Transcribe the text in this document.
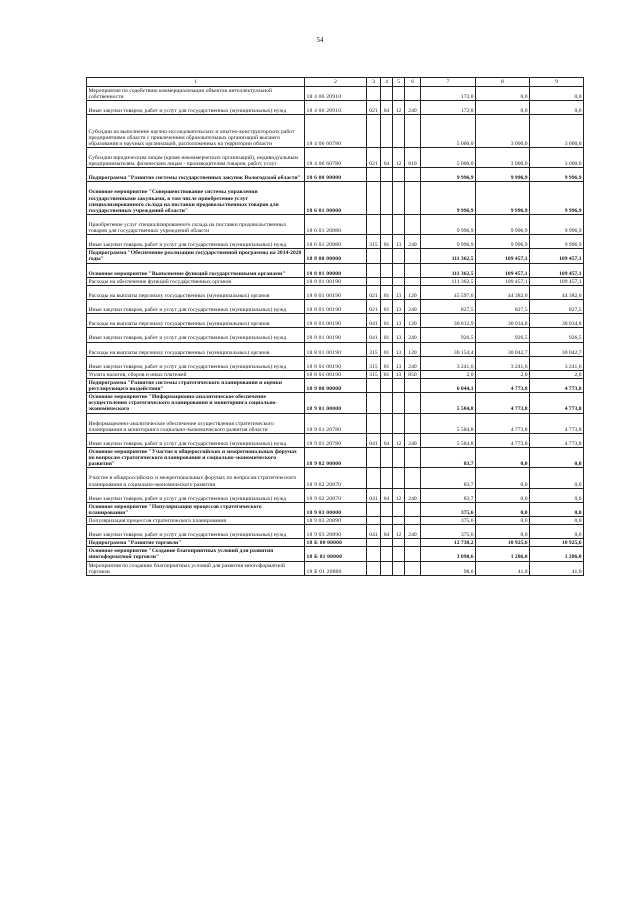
54
1	2	3	4	5	6	7	8	9
Мероприятие по содействию коммерциализации объектов интеллектуальной собственности	18 4 06 20910					172,0	0,0	0,0
Иные закупки товаров, работ и услуг для государственных (муниципальных) нужд	18 4 06 20910	021	04	12	240	172,0	0,0	0,0
Субсидии на выполнение научно-исследовательских и опытно-конструкторских работ предприятиями области с привлечением образовательных организаций высшего образования и научных организаций, расположенных на территории области	18 4 06 60780					5 000,0	3 000,0	3 000,0
Субсидии юридическим лицам (кроме некоммерческих организаций), индивидуальным предпринимателям, физическим лицам - производителям товаров, работ, услуг	18 4 06 60780	021	04	12	810	5 000,0	3 000,0	3 000,0
Подпрограмма "Развитие системы государственных закупок Вологодской области"	18 6 00 00000					9 996,9	9 996,9	9 996,9
Основное мероприятие "Совершенствование системы управления государственными закупками, в том числе приобретение услуг специализированного склада на поставки продовольственных товаров для государственных учреждений области"	18 6 01 00000					9 996,9	9 996,9	9 996,9
Приобретение услуг специализированного склада на поставки продовольственных товаров для государственных учреждений области	18 6 01 20880					9 996,9	9 996,9	9 996,9
Иные закупки товаров, работ и услуг для государственных (муниципальных) нужд	18 6 01 20880	315	01	13	240	9 996,9	9 996,9	9 996,9
Подпрограмма "Обеспечение реализации государственной программы на 2014-2020 годы"	18 8 00 00000					111 362,5	109 457,1	109 457,1
Основное мероприятие "Выполнение функций государственными органами"	18 8 01 00000					111 362,5	109 457,1	109 457,1
Расходы на обеспечение функций государственных органов	18 8 01 00190					111 362,5	109 457,1	109 457,1
Расходы на выплаты персоналу государственных (муниципальных) органов	18 8 01 00190	021	01	13	120	45 597,6	44 382,0	44 382,0
Иные закупки товаров, работ и услуг для государственных (муниципальных) нужд	18 8 01 00190	021	01	13	240	827,5	827,5	827,5
Расходы на выплаты персоналу государственных (муниципальных) органов	18 8 01 00190	041	01	13	120	30 612,9	30 034,8	30 034,8
Иные закупки товаров, работ и услуг для государственных (муниципальных) нужд	18 8 01 00190	041	01	13	240	926,5	926,5	926,5
Расходы на выплаты персоналу государственных (муниципальных) органов	18 8 01 00190	315	01	13	120	30 154,4	30 042,7	30 042,7
Иные закупки товаров, работ и услуг для государственных (муниципальных) нужд	18 8 01 00190	315	01	13	240	3 241,6	3 241,6	3 241,6
Уплата налогов, сборов и иных платежей	18 8 01 00190	315	01	13	850	2,0	2,0	2,0
Подпрограмма "Развитие системы стратегического планирования и оценки регулирующего воздействия"	18 9 00 00000					6 044,1	4 773,8	4 773,8
Основное мероприятие "Информационно-аналитическое обеспечение осуществления стратегического планирования и мониторинга социально-экономического	18 9 01 00000					5 584,8	4 773,8	4 773,8
Информационно-аналитическое обеспечение осуществления стратегического планирования и мониторинга социально-экономического развития области	18 9 01 20780					5 584,8	4 773,8	4 773,8
Иные закупки товаров, работ и услуг для государственных (муниципальных) нужд	18 9 01 20780	041	04	12	240	5 584,8	4 773,8	4 773,8
Основное мероприятие "Участие в общероссийских и межрегиональных форумах по вопросам стратегического планирования и социально-экономического развития"	18 9 02 00000					83,7	0,0	0,0
Участие в общероссийских и межрегиональных форумах по вопросам стратегического планирования и социально-экономического развития	18 9 02 20870					83,7	0,0	0,0
Иные закупки товаров, работ и услуг для государственных (муниципальных) нужд	18 9 02 20870	041	04	12	240	83,7	0,0	0,0
Основное мероприятие "Популяризация процессов стратегического планирования"	18 9 03 00000					375,6	0,0	0,0
Популяризация процессов стратегического планирования	18 9 03 20890					375,6	0,0	0,0
Иные закупки товаров, работ и услуг для государственных (муниципальных) нужд	18 9 03 20890	041	04	12	240	375,6	0,0	0,0
Подпрограмма "Развитие торговли"	18 Б 00 00000					12 738,2	10 925,6	10 925,6
Основное мероприятие "Создание благоприятных условий для развития многоформатной торговли"	18 Б 01 00000					3 098,6	1 286,0	1 286,0
Мероприятия по созданию благоприятных условий для развития многоформатной торговли	18 Б 01 20800					98,6	41,0	41,0
